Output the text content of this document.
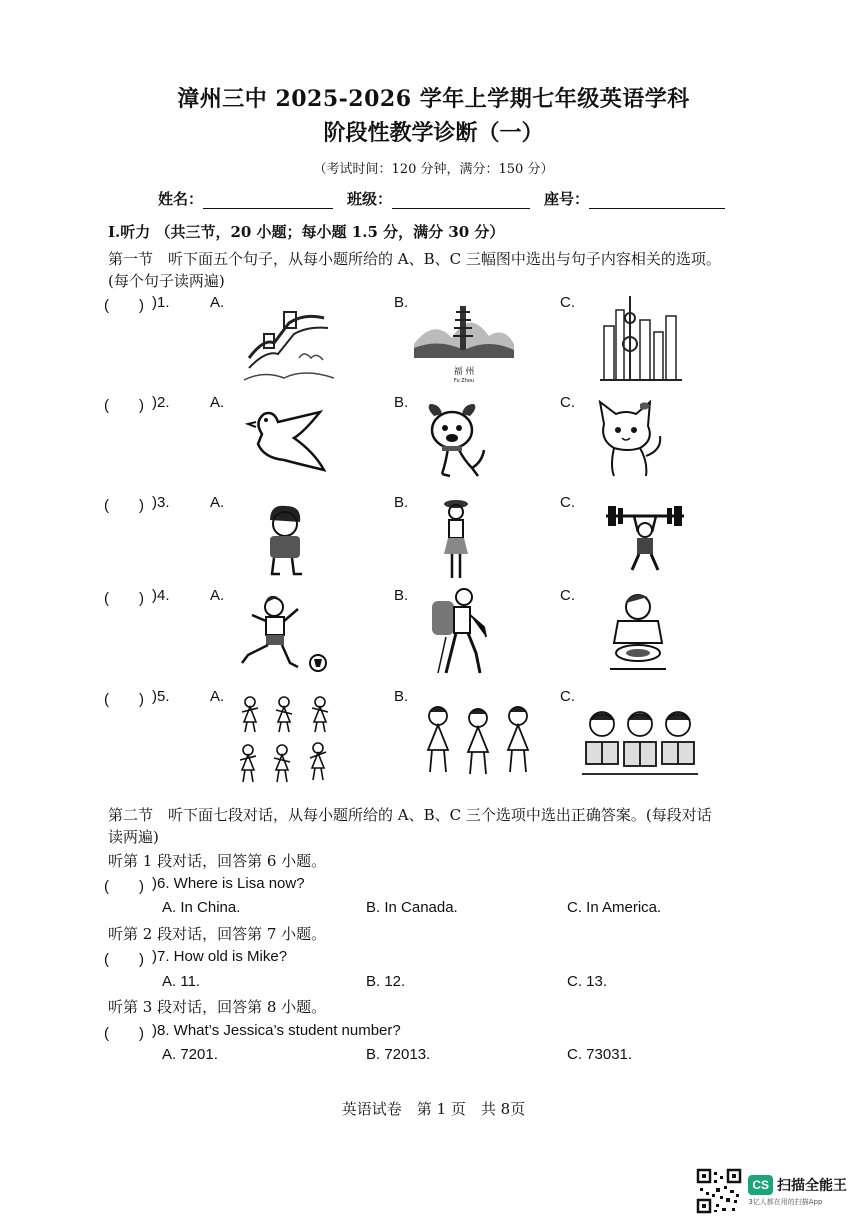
漳州三中 2025-2026 学年上学期七年级英语学科
阶段性教学诊断（一）
（考试时间：120 分钟，满分：150 分）
姓名：	班级：	座号：
Ⅰ.听力 （共三节，20 小题；每小题 1.5 分，满分 30 分）
第一节　听下面五个句子，从每小题所给的 A、B、C 三幅图中选出与句子内容相关的选项。
(每个句子读两遍)
(　　) )1.	A.	B.	C.
福 州
Fu Zhou
(　　) )2.	A.	B.	C.
(　　) )3.	A.	B.	C.
(　　) )4.	A.	B.	C.
(　　) )5.	A.	B.	C.
第二节　听下面七段对话，从每小题所给的 A、B、C 三个选项中选出正确答案。(每段对话
读两遍)
听第 1 段对话，回答第 6 小题。
(　　) )6. Where is Lisa now?
A. In China.	B. In Canada.	C. In America.
听第 2 段对话，回答第 7 小题。
(　　) )7. How old is Mike?
A. 11.	B. 12.	C. 13.
听第 3 段对话，回答第 8 小题。
(　　) )8. What’s Jessica’s student number?
A. 7201.	B. 72013.	C. 73031.
英语试卷　第 1 页　共 8页
CS 扫描全能王
3亿人都在用的扫描App
